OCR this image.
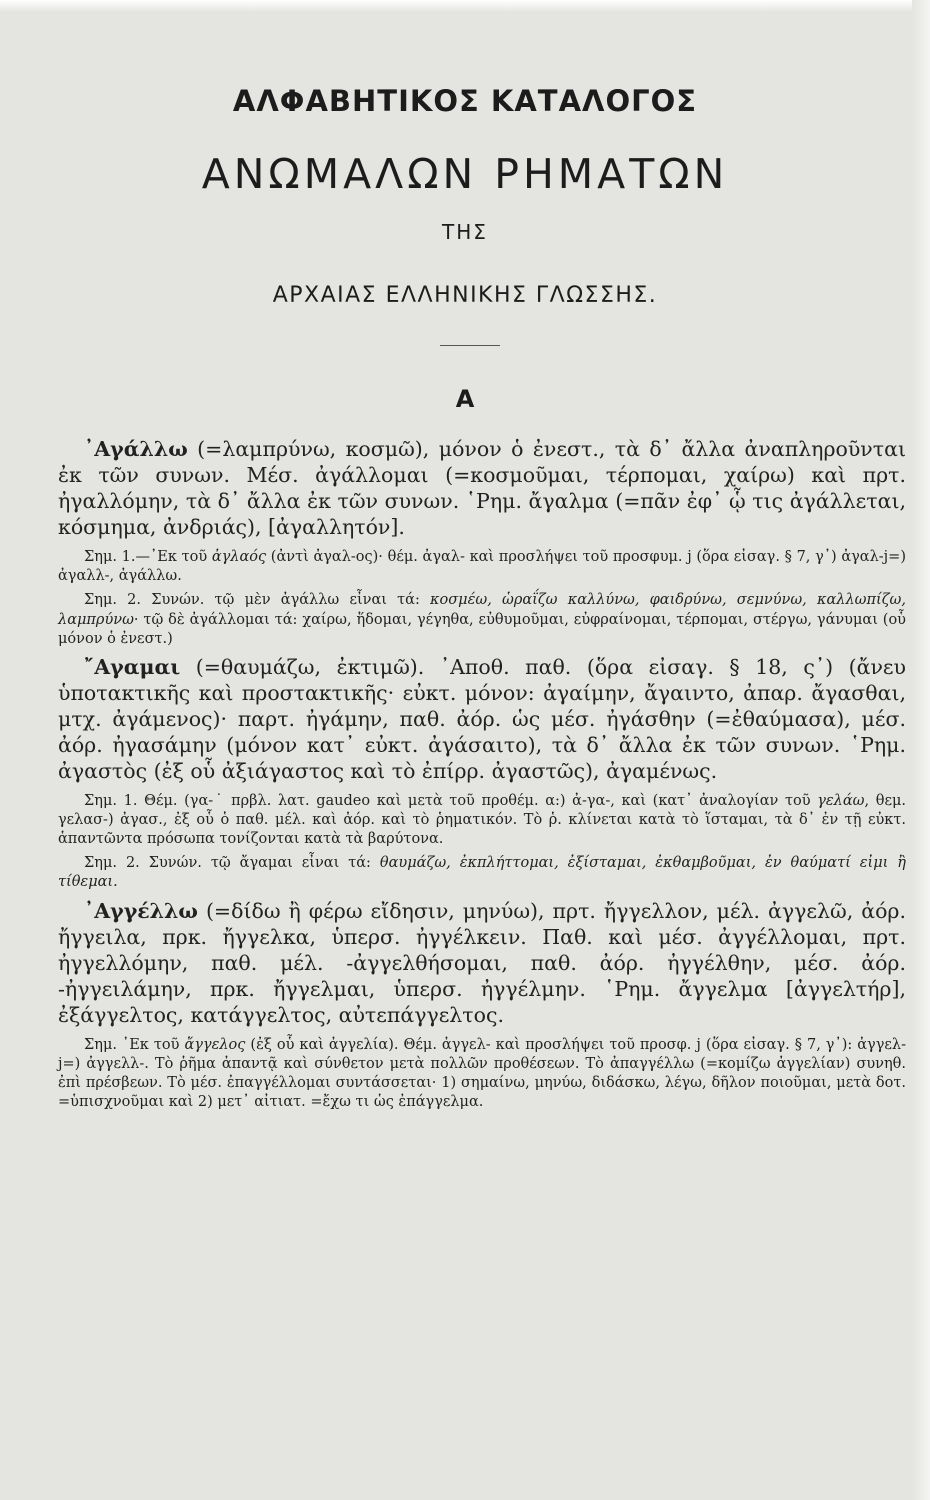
ΑΛΦΑΒΗΤΙΚΟΣ ΚΑΤΑΛΟΓΟΣ
ΑΝΩΜΑΛΩΝ ΡΗΜΑΤΩΝ
ΤΗΣ
ΑΡΧΑΙΑΣ ΕΛΛΗΝΙΚΗΣ ΓΛΩΣΣΗΣ.
Α

᾿Αγάλλω (=λαμπρύνω, κοσμῶ), μόνον ὁ ἐνεστ., τὰ δ᾿ ἄλλα ἀναπληροῦνται ἐκ τῶν συνων. Μέσ. ἀγάλλομαι (=κοσμοῦμαι, τέρπομαι, χαίρω) καὶ πρτ. ἠγαλλόμην, τὰ δ᾿ ἄλλα ἐκ τῶν συνων. ῾Ρημ. ἄγαλμα (=πᾶν ἐφ᾿ ᾧ τις ἀγάλλεται, κόσμημα, ἀνδριάς), [ἀγαλλητόν].

Σημ. 1.—᾿Εκ τοῦ ἀγλαός (ἀντὶ ἀγαλ-ος)· θέμ. ἀγαλ- καὶ προσλήψει τοῦ προσφυμ. j (ὅρα εἰσαγ. § 7, γ᾿) ἀγαλ-j=) ἀγαλλ-, ἀγάλλω.

Σημ. 2. Συνών. τῷ μὲν ἀγάλλω εἶναι τά: κοσμέω, ὡραΐζω καλλύνω, φαιδρύνω, σεμνύνω, καλλωπίζω, λαμπρύνω· τῷ δὲ ἀγάλλομαι τά: χαίρω, ἥδομαι, γέγηθα, εὐθυμοῦμαι, εὐφραίνομαι, τέρπομαι, στέργω, γάνυμαι (οὗ μόνον ὁ ἐνεστ.)

῎Αγαμαι (=θαυμάζω, ἐκτιμῶ). ᾿Αποθ. παθ. (ὅρα εἰσαγ. § 18, ς᾿) (ἄνευ ὑποτακτικῆς καὶ προστακτικῆς· εὐκτ. μόνον: ἀγαίμην, ἄγαιντο, ἀπαρ. ἄγασθαι, μτχ. ἀγάμενος)· παρτ. ἠγάμην, παθ. ἀόρ. ὡς μέσ. ἠγάσθην (=ἐθαύμασα), μέσ. ἀόρ. ἠγασάμην (μόνον κατ᾿ εὐκτ. ἀγάσαιτο), τὰ δ᾿ ἄλλα ἐκ τῶν συνων. ῾Ρημ. ἀγαστὸς (ἐξ οὗ ἀξιάγαστος καὶ τὸ ἐπίρρ. ἀγαστῶς), ἀγαμένως.

Σημ. 1. Θέμ. (γα-˙ πρβλ. λατ. gaudeo καὶ μετὰ τοῦ προθέμ. α:) ἀ-γα-, καὶ (κατ᾿ ἀναλογίαν τοῦ γελάω, θεμ. γελασ-) ἀγασ., ἐξ οὗ ὁ παθ. μέλ. καὶ ἀόρ. καὶ τὸ ῥηματικόν. Τὸ ῥ. κλίνεται κατὰ τὸ ἵσταμαι, τὰ δ᾿ ἐν τῇ εὐκτ. ἁπαντῶντα πρόσωπα τονίζονται κατὰ τὰ βαρύτονα.

Σημ. 2. Συνών. τῷ ἄγαμαι εἶναι τά: θαυμάζω, ἐκπλήττομαι, ἐξίσταμαι, ἐκθαμβοῦμαι, ἐν θαύματί εἰμι ἢ τίθεμαι.

᾿Αγγέλλω (=δίδω ἢ φέρω εἴδησιν, μηνύω), πρτ. ἤγγελλον, μέλ. ἀγγελῶ, ἀόρ. ἤγγειλα, πρκ. ἤγγελκα, ὑπερσ. ἠγγέλκειν. Παθ. καὶ μέσ. ἀγγέλλομαι, πρτ. ἠγγελλόμην, παθ. μέλ. -ἀγγελθήσομαι, παθ. ἀόρ. ἠγγέλθην, μέσ. ἀόρ. -ἠγγειλάμην, πρκ. ἤγγελμαι, ὑπερσ. ἠγγέλμην. ῾Ρημ. ἄγγελμα [ἀγγελτήρ], ἐξάγγελτος, κατάγγελτος, αὐτεπάγγελτος.

Σημ. ᾿Εκ τοῦ ἄγγελος (ἐξ οὗ καὶ ἀγγελία). Θέμ. ἀγγελ- καὶ προσλήψει τοῦ προσφ. j (ὅρα εἰσαγ. § 7, γ᾿): ἀγγελ-j=) ἀγγελλ-. Τὸ ῥῆμα ἀπαντᾷ καὶ σύνθετον μετὰ πολλῶν προθέσεων. Τὸ ἀπαγγέλλω (=κομίζω ἀγγελίαν) συνηθ. ἐπὶ πρέσβεων. Τὸ μέσ. ἐπαγγέλλομαι συντάσσεται· 1) σημαίνω, μηνύω, διδάσκω, λέγω, δῆλον ποιοῦμαι, μετὰ δοτ. =ὑπισχνοῦμαι καὶ 2) μετ᾿ αἰτιατ. =ἔχω τι ὡς ἐπάγγελμα.
